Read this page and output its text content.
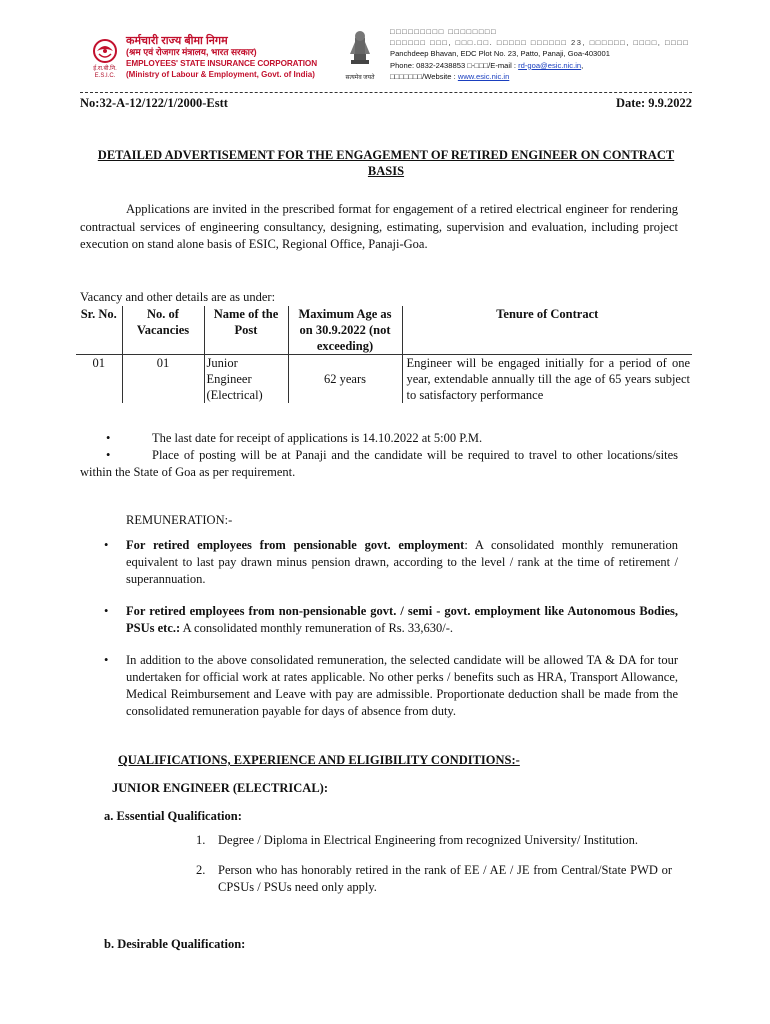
ई.रा.बी.नि.
E.S.I.C.
कर्मचारी राज्य बीमा निगम
(श्रम एवं रोजगार मंत्रालय, भारत सरकार)
EMPLOYEES' STATE INSURANCE CORPORATION
(Ministry of Labour & Employment, Govt. of India)	सत्यमेव जयते
□□□□□□□□□ □□□□□□□□
□□□□□□ □□□, □□□.□□. □□□□□ □□□□□□ 23, □□□□□□, □□□□, □□□□
Panchdeep Bhavan, EDC Plot No. 23, Patto, Panaji, Goa-403001
Phone: 0832-2438853 □-□□□/E-mail : rd-goa@esic.nic.in,
□□□□□□□/Website : www.esic.nic.in
No:32-A-12/122/1/2000-Estt	Date: 9.9.2022
DETAILED ADVERTISEMENT FOR THE ENGAGEMENT OF RETIRED ENGINEER ON CONTRACT BASIS
Applications are invited in the prescribed format for engagement of a retired electrical engineer for rendering contractual services of engineering consultancy, designing, estimating, supervision and evaluation, including project execution on stand alone basis of ESIC, Regional Office, Panaji-Goa.
Vacancy and other details are as under:
Sr. No.	No. of Vacancies	Name of the Post	Maximum Age as on 30.9.2022 (not exceeding)	Tenure of Contract
01	01	Junior Engineer (Electrical)	62 years	Engineer will be engaged initially for a period of one year, extendable annually till the age of 65 years subject to satisfactory performance
•	The last date for receipt of applications is 14.10.2022 at 5:00 P.M.
•	Place of posting will be at Panaji and the candidate will be required to travel to other locations/sites within the State of Goa as per requirement.
REMUNERATION:-
• For retired employees from pensionable govt. employment: A consolidated monthly remuneration equivalent to last pay drawn minus pension drawn, according to the level / rank at the time of retirement / superannuation.
• For retired employees from non-pensionable govt. / semi - govt. employment like Autonomous Bodies, PSUs etc.: A consolidated monthly remuneration of Rs. 33,630/-.
• In addition to the above consolidated remuneration, the selected candidate will be allowed TA & DA for tour undertaken for official work at rates applicable. No other perks / benefits such as HRA, Transport Allowance, Medical Reimbursement and Leave with pay are admissible. Proportionate deduction shall be made from the consolidated remuneration payable for days of absence from duty.
QUALIFICATIONS, EXPERIENCE AND ELIGIBILITY CONDITIONS:-
JUNIOR ENGINEER (ELECTRICAL):
a. Essential Qualification:
1. Degree / Diploma in Electrical Engineering from recognized University/ Institution.
2. Person who has honorably retired in the rank of EE / AE / JE from Central/State PWD or CPSUs / PSUs need only apply.
b. Desirable Qualification:
